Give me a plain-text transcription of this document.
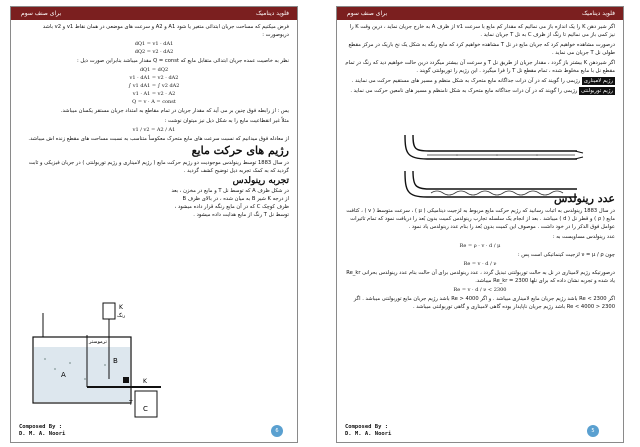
فلوید دینامیک
برای صنف سوم

فرض میکنیم که مساحت جریان ابتدائی متغیر یا شود A1 و A2 و سرعت های موضعی در همان نقاط v1 و v2 باشد دریوصورت :

dQ1 = v1 · dA1
dQ2 = v2 · dA2

نظر به خاصیت عمده جریان ابتدائی متقابل مایع که Q = const مقدار میباشد بنابراین صورت ذیل :

dQ1 = dQ2
v1 · dA1 = v2 · dA2
∫ v1 dA1 = ∫ v2 dA2
v1 · A1 = v2 · A2
Q = v · A = const

یس : از رابطه فوق چنین بر می آید که مقدار جریان در تمام مقاطع به امتداد جریان مستقر یکسان میباشد.

مثلاً غیر انقطاعیت مایع را به شکل ذیل نیز میتوان نوشت :

v1 / v2 = A2 / A1

از معادله فوق میدانیم که نسبت سرعت های مایع متحرک معکوساً متناسب به نسبت مساحت های مقطع زنده اش میباشد.

رژیم های حرکت مایع

در سال 1883 توسط رینولدس موجودیت دو رژیم حرکت مایع ( رژیم لامیناری و رژیم توربولنتی ) در جریان فیزیکی و ثابت گردید که به کمک تجربه ذیل توضیح کشف گردید .

تجربه رینولدس

در شکل ظرف A که توسط نل T و مایع در مخزن ، بعد از درجه K شیر B به میان شده ، در بالای ظرف B ظرف کوچک C که در آن مایع رنگه قرار داده میشود ، توسط نل T رنگ از مایع هدایت داده میشود .

K
رنگ
A
B
T
C
K
ترموستر
Composed By :
D. M. A. Noori	6
فلوید دینامیک
برای صنف سوم

اگر شیر دهن K را یک اندازه باز می نمائیم که مقدار کم مایع با سرعت v1 از ظرف A به خارج جریان نماید ، درین وقت K را نیز کمی باز می نمائیم تا رنگ از ظرف C به نل T جریان نماید .

درصورت مشاهده خواهیم کرد که جریان مایع در نل T مشاهده خواهیم کرد که مایع رنگه به شکل یک نخ باریک در مرکز مقطع طولی نل T جریان می نماید .

اگر شیردهن K بیشتر باز گردد ، مقدار جریان از طریق نل T و سرعت آن بیشتر میگردد درین حالت خواهیم دید که رنگ در تمام مقطع نل با مایع مخلوط شده ، تمام مقطع نل T را فرا میگیرد . این رژیم را توربولنتی گویند .

رژیم لامیناری رژیمی را گویند که در آن ذرات جداگانه مایع متحرک به شکل منظم و مسیر های مستقیم حرکت می نمایند .

رژیم توربولنتی رژیمی را گویند که در آن ذرات جداگانه مایع متحرک به شکل نامنظم و مسیر های نامعین حرکت می نماید .

عدد رینولدس

در سال 1883 رینولدس به اثبات رسانید که رژیم حرکت مایع مربوط به لزجیت دینامیکی ( μ ) ، سرعت متوسط ( v ) ، کثافت مایع ( ρ ) و قطر نل ( d ) میباشد . بعد از انجام یک سلسله تجارب رینولدس کمیت بدون بُعد را دریافت نمود که تمام تاثیرات عوامل فوق الذکر را در خود داشت . موصوف این کمیت بدون بُعد را بنام عدد رینولدس یاد نمود .

عدد رینولدس مساویست به :

Re = ρ · v · d / μ

چون ν = μ / ρ لزجیت کینماتیکی است پس :

Re = v · d / ν

درصورتیکه رژیم لامیناری در نل به حالت توربولنتی تبدیل گردد ، عدد رینولدس برای آن حالت بنام عدد رینولدس بحرانی Re_kr یاد شده و تجربه نشان داده که برای نلها Re_kr = 2300 میباشد.

Re = v · d / ν < 2300

اگر Re < 2300 باشد رژیم جریان مایع لامیناری میباشد . و اگر Re > 4000 باشد رژیم جریان مایع توربولنتی میباشد . اگر 2300 < Re < 4000 باشد رژیم جریان ناپایدار بوده گاهی لامیناری و گاهی توربولنتی میباشد .

Composed By :
D. M. A. Noori	5
